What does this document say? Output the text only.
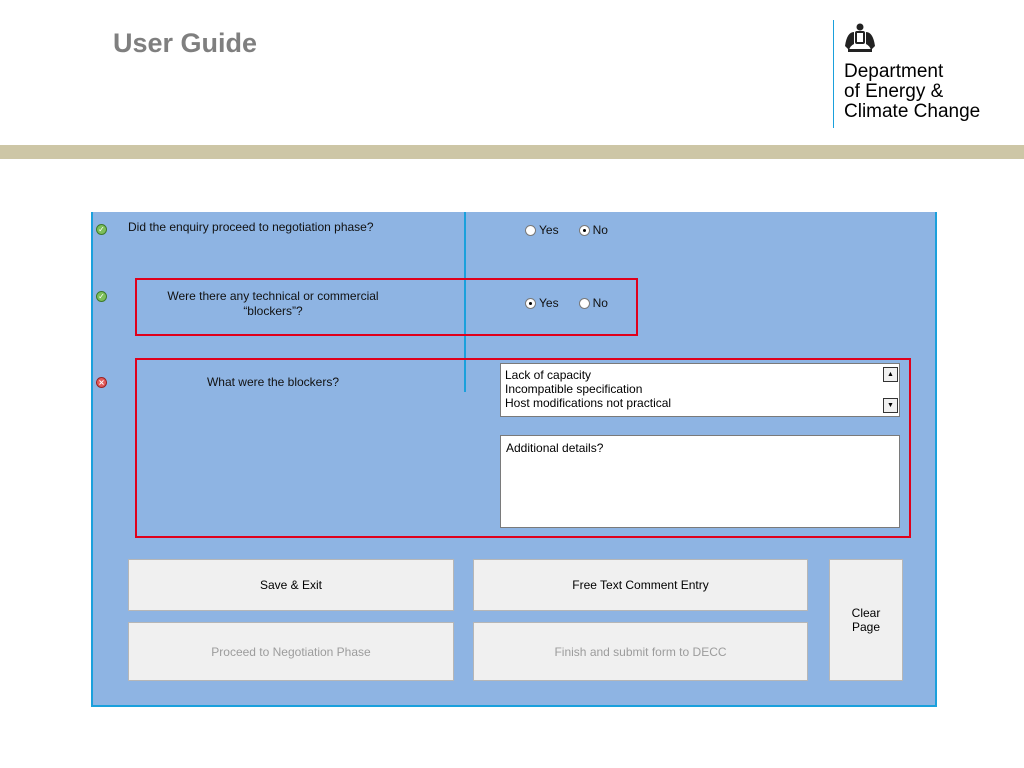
User Guide
Department
of Energy &
Climate Change
✓ Did the enquiry proceed to negotiation phase?	Yes	No
✓	Were there any technical or commercial
“blockers”?
Yes	No
×	What were the blockers?	Lack of capacity
Incompatible specification
Host modifications not practical
▲
▼
Additional details?
Save & Exit	Free Text Comment Entry
Clear
Page
Proceed to Negotiation Phase	Finish and submit form to DECC
